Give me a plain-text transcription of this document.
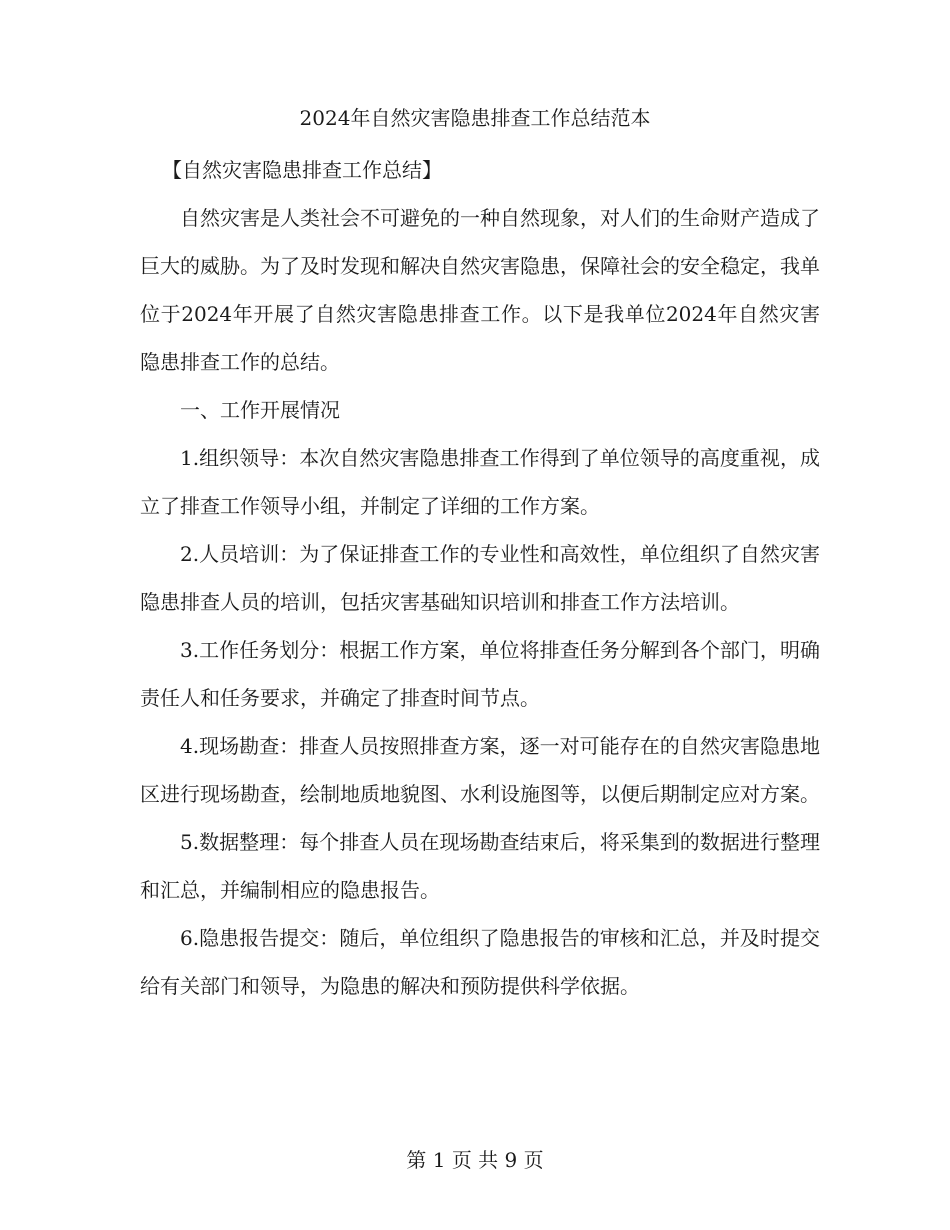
2024年自然灾害隐患排查工作总结范本

【自然灾害隐患排查工作总结】

自然灾害是人类社会不可避免的一种自然现象，对人们的生命财产造成了巨大的威胁。为了及时发现和解决自然灾害隐患，保障社会的安全稳定，我单位于2024年开展了自然灾害隐患排查工作。以下是我单位2024年自然灾害隐患排查工作的总结。

一、工作开展情况

1.组织领导：本次自然灾害隐患排查工作得到了单位领导的高度重视，成立了排查工作领导小组，并制定了详细的工作方案。

2.人员培训：为了保证排查工作的专业性和高效性，单位组织了自然灾害隐患排查人员的培训，包括灾害基础知识培训和排查工作方法培训。

3.工作任务划分：根据工作方案，单位将排查任务分解到各个部门，明确责任人和任务要求，并确定了排查时间节点。

4.现场勘查：排查人员按照排查方案，逐一对可能存在的自然灾害隐患地区进行现场勘查，绘制地质地貌图、水利设施图等，以便后期制定应对方案。

5.数据整理：每个排查人员在现场勘查结束后，将采集到的数据进行整理和汇总，并编制相应的隐患报告。

6.隐患报告提交：随后，单位组织了隐患报告的审核和汇总，并及时提交给有关部门和领导，为隐患的解决和预防提供科学依据。

第 1 页 共 9 页
